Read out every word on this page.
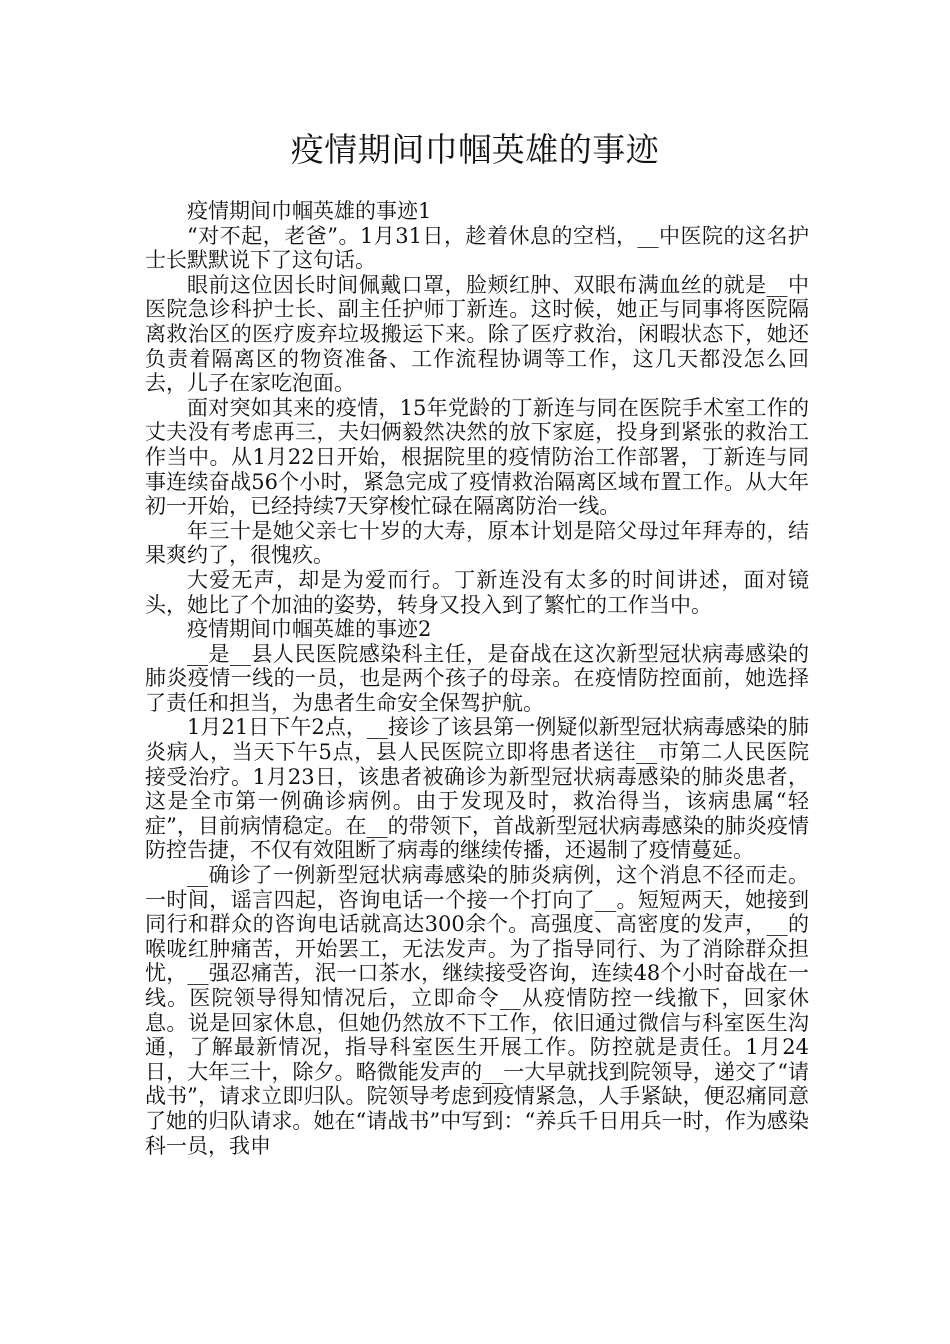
疫情期间巾帼英雄的事迹

疫情期间巾帼英雄的事迹1

“对不起，老爸”。1月31日，趁着休息的空档，__中医院的这名护士长默默说下了这句话。

眼前这位因长时间佩戴口罩，脸颊红肿、双眼布满血丝的就是__中医院急诊科护士长、副主任护师丁新连。这时候，她正与同事将医院隔离救治区的医疗废弃垃圾搬运下来。除了医疗救治，闲暇状态下，她还负责着隔离区的物资准备、工作流程协调等工作，这几天都没怎么回去，儿子在家吃泡面。

面对突如其来的疫情，15年党龄的丁新连与同在医院手术室工作的丈夫没有考虑再三，夫妇俩毅然决然的放下家庭，投身到紧张的救治工作当中。从1月22日开始，根据院里的疫情防治工作部署，丁新连与同事连续奋战56个小时，紧急完成了疫情救治隔离区域布置工作。从大年初一开始，已经持续7天穿梭忙碌在隔离防治一线。

年三十是她父亲七十岁的大寿，原本计划是陪父母过年拜寿的，结果爽约了，很愧疚。

大爱无声，却是为爱而行。丁新连没有太多的时间讲述，面对镜头，她比了个加油的姿势，转身又投入到了繁忙的工作当中。

疫情期间巾帼英雄的事迹2

__是__县人民医院感染科主任，是奋战在这次新型冠状病毒感染的肺炎疫情一线的一员，也是两个孩子的母亲。在疫情防控面前，她选择了责任和担当，为患者生命安全保驾护航。

1月21日下午2点，__接诊了该县第一例疑似新型冠状病毒感染的肺炎病人，当天下午5点，县人民医院立即将患者送往__市第二人民医院接受治疗。1月23日，该患者被确诊为新型冠状病毒感染的肺炎患者，这是全市第一例确诊病例。由于发现及时，救治得当，该病患属“轻症”，目前病情稳定。在__的带领下，首战新型冠状病毒感染的肺炎疫情防控告捷，不仅有效阻断了病毒的继续传播，还遏制了疫情蔓延。

__确诊了一例新型冠状病毒感染的肺炎病例，这个消息不径而走。一时间，谣言四起，咨询电话一个接一个打向了__。短短两天，她接到同行和群众的咨询电话就高达300余个。高强度、高密度的发声，__的喉咙红肿痛苦，开始罢工，无法发声。为了指导同行、为了消除群众担忧，__强忍痛苦，泯一口茶水，继续接受咨询，连续48个小时奋战在一线。医院领导得知情况后，立即命令__从疫情防控一线撤下，回家休息。说是回家休息，但她仍然放不下工作，依旧通过微信与科室医生沟通，了解最新情况，指导科室医生开展工作。防控就是责任。1月24日，大年三十，除夕。略微能发声的__一大早就找到院领导，递交了“请战书”，请求立即归队。院领导考虑到疫情紧急，人手紧缺，便忍痛同意了她的归队请求。她在“请战书”中写到：“养兵千日用兵一时，作为感染科一员，我申
